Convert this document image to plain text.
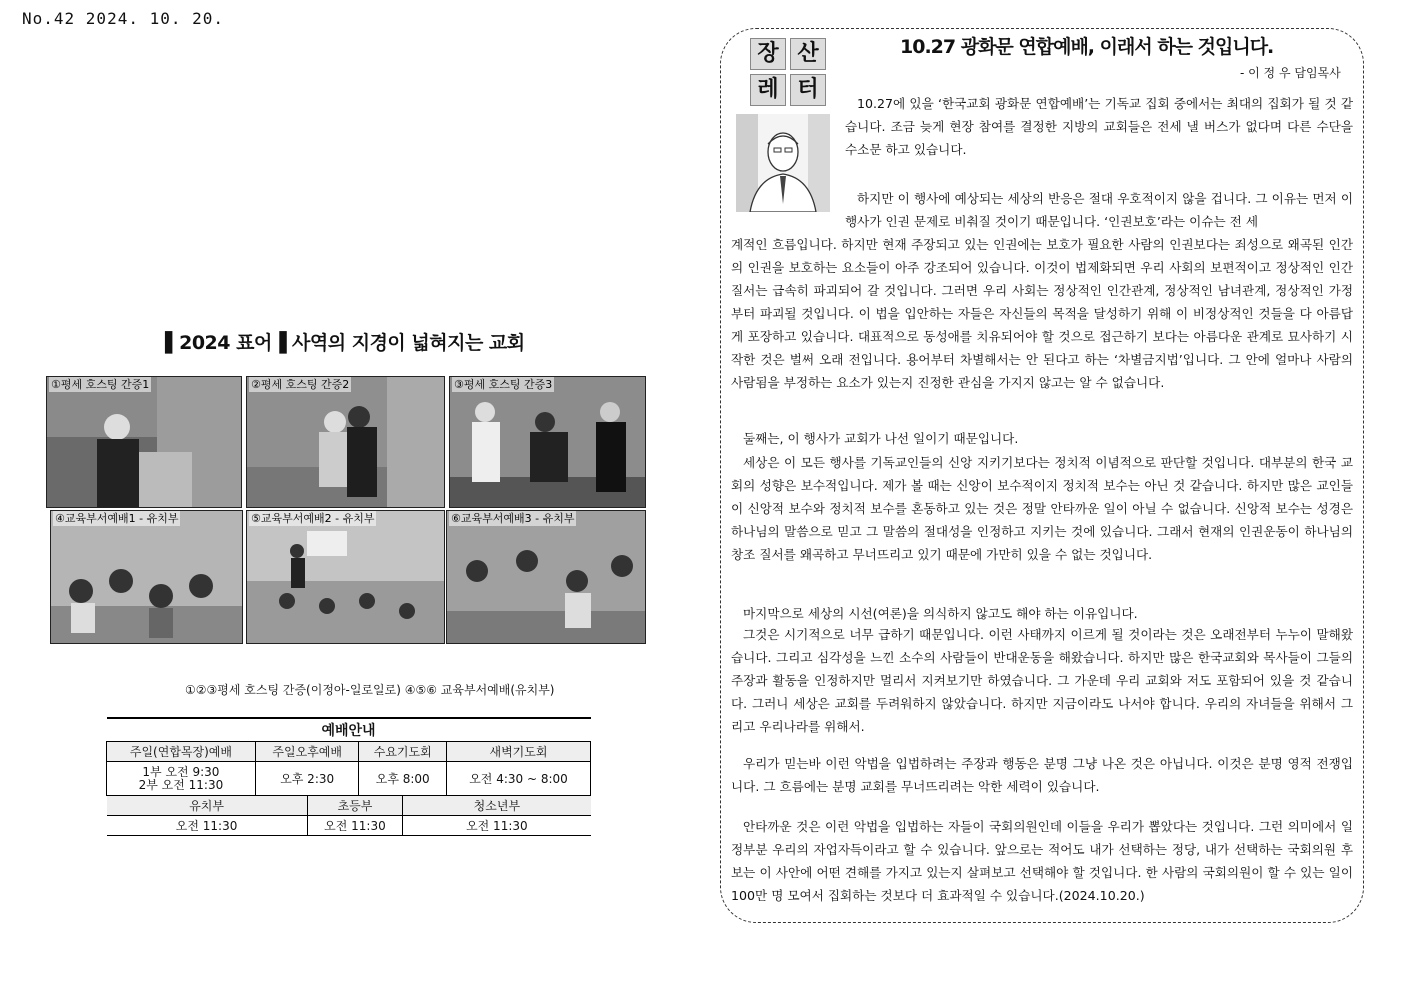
No.42 2024. 10. 20.
▌2024 표어▐ 사역의 지경이 넓혀지는 교회
①평세 호스팅 간증1	②평세 호스팅 간증2	③평세 호스팅 간증3
④교육부서예배1 - 유치부	⑤교육부서예배2 - 유치부	⑥교육부서예배3 - 유치부
①②③평세 호스팅 간증(이정아-일로일로) ④⑤⑥ 교육부서예배(유치부)
예배안내					
주일(연합목장)예배	주일오후예배		수요기도회		새벽기도회

1부 오전 9:30
2부 오전 11:30	오후 2:30		오후 8:00		오전 4:30 ~ 8:00
유치부		초등부		청소년부	
오전 11:30		오전 11:30		오전 11:30	
장 산
레 터
10.27 광화문 연합예배, 이래서 하는 것입니다.
- 이 정 우 담임목사

10.27에 있을 ‘한국교회 광화문 연합예배’는 기독교 집회 중에서는 최대의 집회가 될 것 같습니다. 조금 늦게 현장 참여를 결정한 지방의 교회들은 전세 낼 버스가 없다며 다른 수단을 수소문 하고 있습니다.

하지만 이 행사에 예상되는 세상의 반응은 절대 우호적이지 않을 겁니다. 그 이유는 먼저 이 행사가 인권 문제로 비춰질 것이기 때문입니다. ‘인권보호’라는 이슈는 전 세

계적인 흐름입니다. 하지만 현재 주장되고 있는 인권에는 보호가 필요한 사람의 인권보다는 죄성으로 왜곡된 인간의 인권을 보호하는 요소들이 아주 강조되어 있습니다. 이것이 법제화되면 우리 사회의 보편적이고 정상적인 인간 질서는 급속히 파괴되어 갈 것입니다. 그러면 우리 사회는 정상적인 인간관계, 정상적인 남녀관계, 정상적인 가정부터 파괴될 것입니다. 이 법을 입안하는 자들은 자신들의 목적을 달성하기 위해 이 비정상적인 것들을 다 아름답게 포장하고 있습니다. 대표적으로 동성애를 치유되어야 할 것으로 접근하기 보다는 아름다운 관계로 묘사하기 시작한 것은 벌써 오래 전입니다. 용어부터 차별해서는 안 된다고 하는 ‘차별금지법’입니다. 그 안에 얼마나 사람의 사람됨을 부정하는 요소가 있는지 진정한 관심을 가지지 않고는 알 수 없습니다.

둘째는, 이 행사가 교회가 나선 일이기 때문입니다.

세상은 이 모든 행사를 기독교인들의 신앙 지키기보다는 정치적 이념적으로 판단할 것입니다. 대부분의 한국 교회의 성향은 보수적입니다. 제가 볼 때는 신앙이 보수적이지 정치적 보수는 아닌 것 같습니다. 하지만 많은 교인들이 신앙적 보수와 정치적 보수를 혼동하고 있는 것은 정말 안타까운 일이 아닐 수 없습니다. 신앙적 보수는 성경은 하나님의 말씀으로 믿고 그 말씀의 절대성을 인정하고 지키는 것에 있습니다. 그래서 현재의 인권운동이 하나님의 창조 질서를 왜곡하고 무너뜨리고 있기 때문에 가만히 있을 수 없는 것입니다.

마지막으로 세상의 시선(여론)을 의식하지 않고도 해야 하는 이유입니다.

그것은 시기적으로 너무 급하기 때문입니다. 이런 사태까지 이르게 될 것이라는 것은 오래전부터 누누이 말해왔습니다. 그리고 심각성을 느낀 소수의 사람들이 반대운동을 해왔습니다. 하지만 많은 한국교회와 목사들이 그들의 주장과 활동을 인정하지만 멀리서 지켜보기만 하였습니다. 그 가운데 우리 교회와 저도 포함되어 있을 것 같습니다. 그러니 세상은 교회를 두려워하지 않았습니다. 하지만 지금이라도 나서야 합니다. 우리의 자녀들을 위해서 그리고 우리나라를 위해서.

우리가 믿는바 이런 악법을 입법하려는 주장과 행동은 분명 그냥 나온 것은 아닙니다. 이것은 분명 영적 전쟁입니다. 그 흐름에는 분명 교회를 무너뜨리려는 악한 세력이 있습니다.

안타까운 것은 이런 악법을 입법하는 자들이 국회의원인데 이들을 우리가 뽑았다는 것입니다. 그런 의미에서 일정부분 우리의 자업자득이라고 할 수 있습니다. 앞으로는 적어도 내가 선택하는 정당, 내가 선택하는 국회의원 후보는 이 사안에 어떤 견해를 가지고 있는지 살펴보고 선택해야 할 것입니다. 한 사람의 국회의원이 할 수 있는 일이 100만 명 모여서 집회하는 것보다 더 효과적일 수 있습니다.(2024.10.20.)
